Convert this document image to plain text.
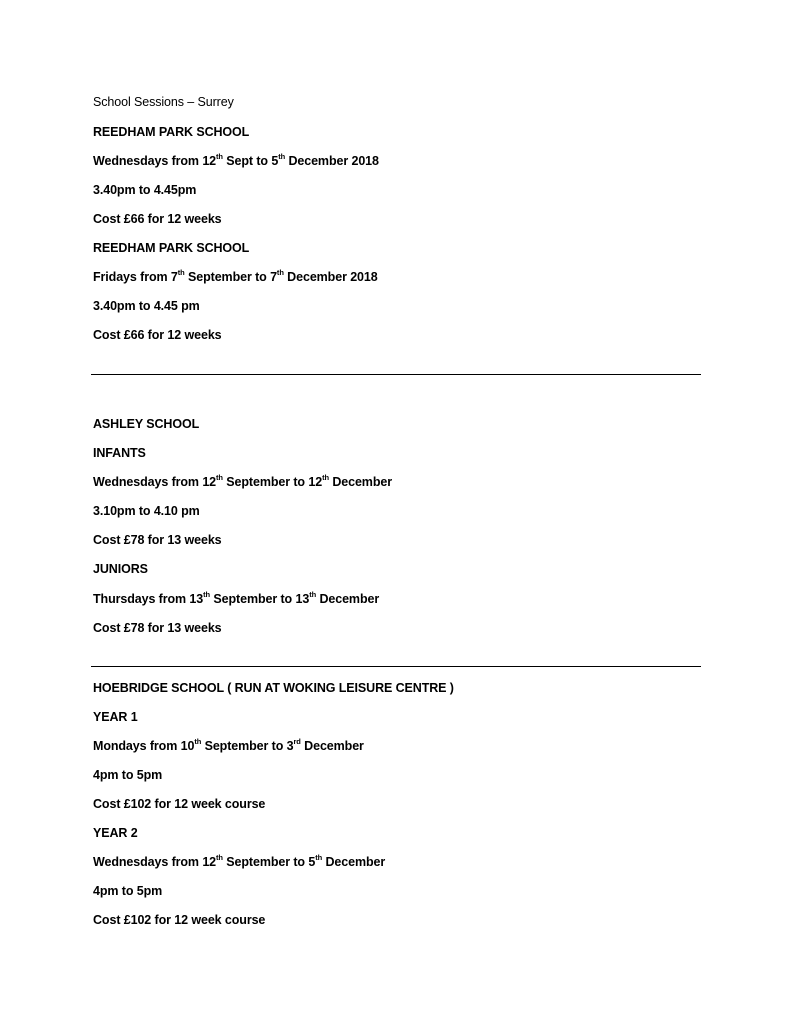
School Sessions – Surrey

REEDHAM PARK SCHOOL

Wednesdays from 12th Sept to 5th December 2018

3.40pm to 4.45pm

Cost £66 for 12 weeks

REEDHAM PARK SCHOOL

Fridays from 7th September to 7th December 2018

3.40pm to 4.45 pm

Cost £66 for 12 weeks

ASHLEY SCHOOL

INFANTS

Wednesdays from 12th September to 12th December

3.10pm to 4.10 pm

Cost £78 for 13 weeks

JUNIORS

Thursdays from 13th September to 13th December

Cost £78 for 13 weeks

HOEBRIDGE SCHOOL ( RUN AT WOKING LEISURE CENTRE )

YEAR 1

Mondays from 10th September to 3rd December

4pm to 5pm

Cost £102 for 12 week course

YEAR 2

Wednesdays from 12th September to 5th December

4pm to 5pm

Cost £102 for 12 week course
